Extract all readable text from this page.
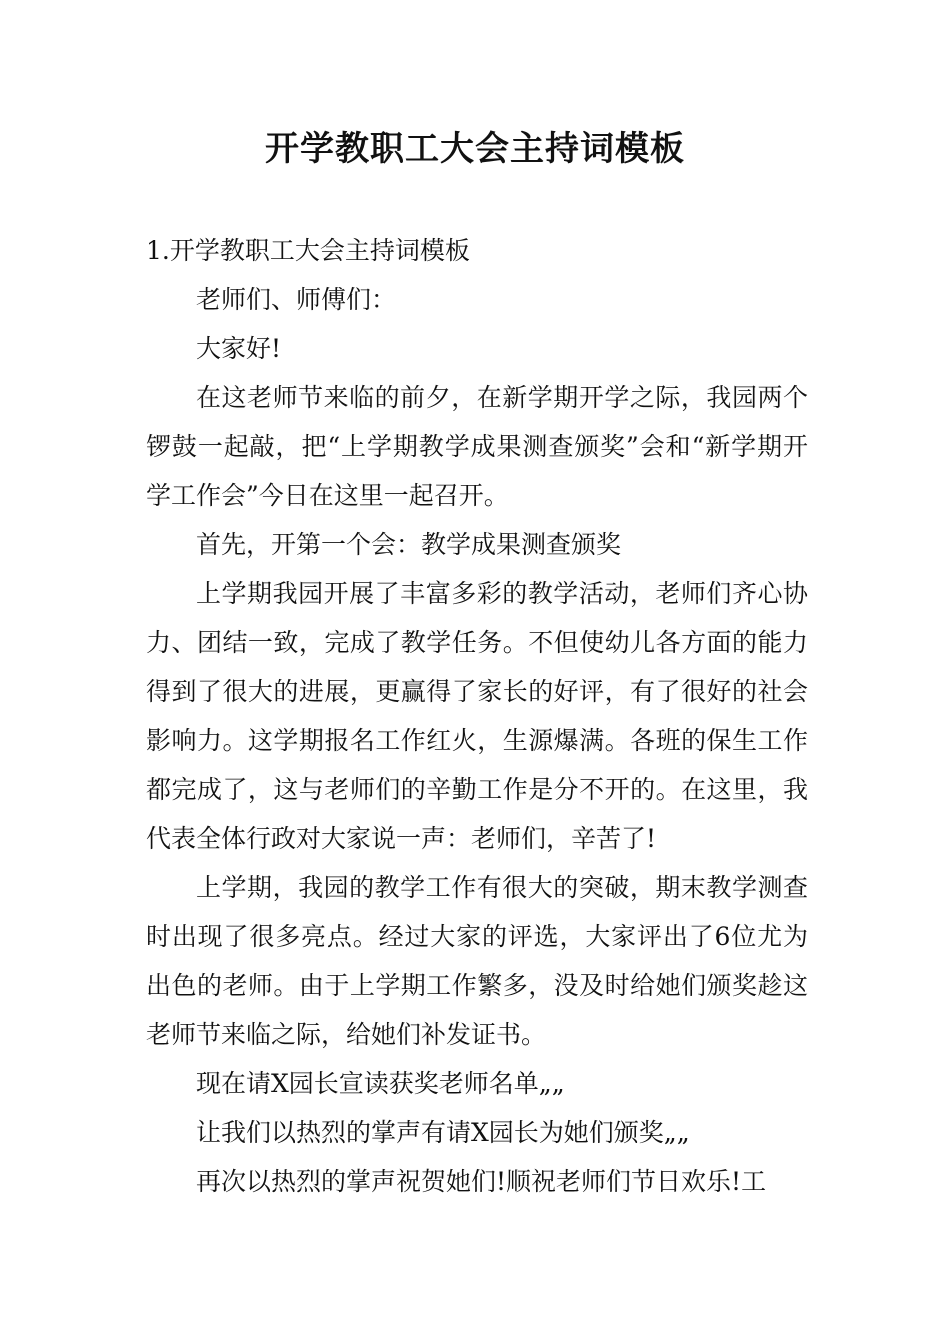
开学教职工大会主持词模板

1.开学教职工大会主持词模板

老师们、师傅们：

大家好!

在这老师节来临的前夕，在新学期开学之际，我园两个锣鼓一起敲，把“上学期教学成果测查颁奖”会和“新学期开学工作会”今日在这里一起召开。

首先，开第一个会：教学成果测查颁奖

上学期我园开展了丰富多彩的教学活动，老师们齐心协力、团结一致，完成了教学任务。不但使幼儿各方面的能力得到了很大的进展，更赢得了家长的好评，有了很好的社会影响力。这学期报名工作红火，生源爆满。各班的保生工作都完成了，这与老师们的辛勤工作是分不开的。在这里，我代表全体行政对大家说一声：老师们，辛苦了!

上学期，我园的教学工作有很大的突破，期末教学测查时出现了很多亮点。经过大家的评选，大家评出了6位尤为出色的老师。由于上学期工作繁多，没及时给她们颁奖趁这老师节来临之际，给她们补发证书。

现在请X园长宣读获奖老师名单„„

让我们以热烈的掌声有请X园长为她们颁奖„„

再次以热烈的掌声祝贺她们!顺祝老师们节日欢乐!工
